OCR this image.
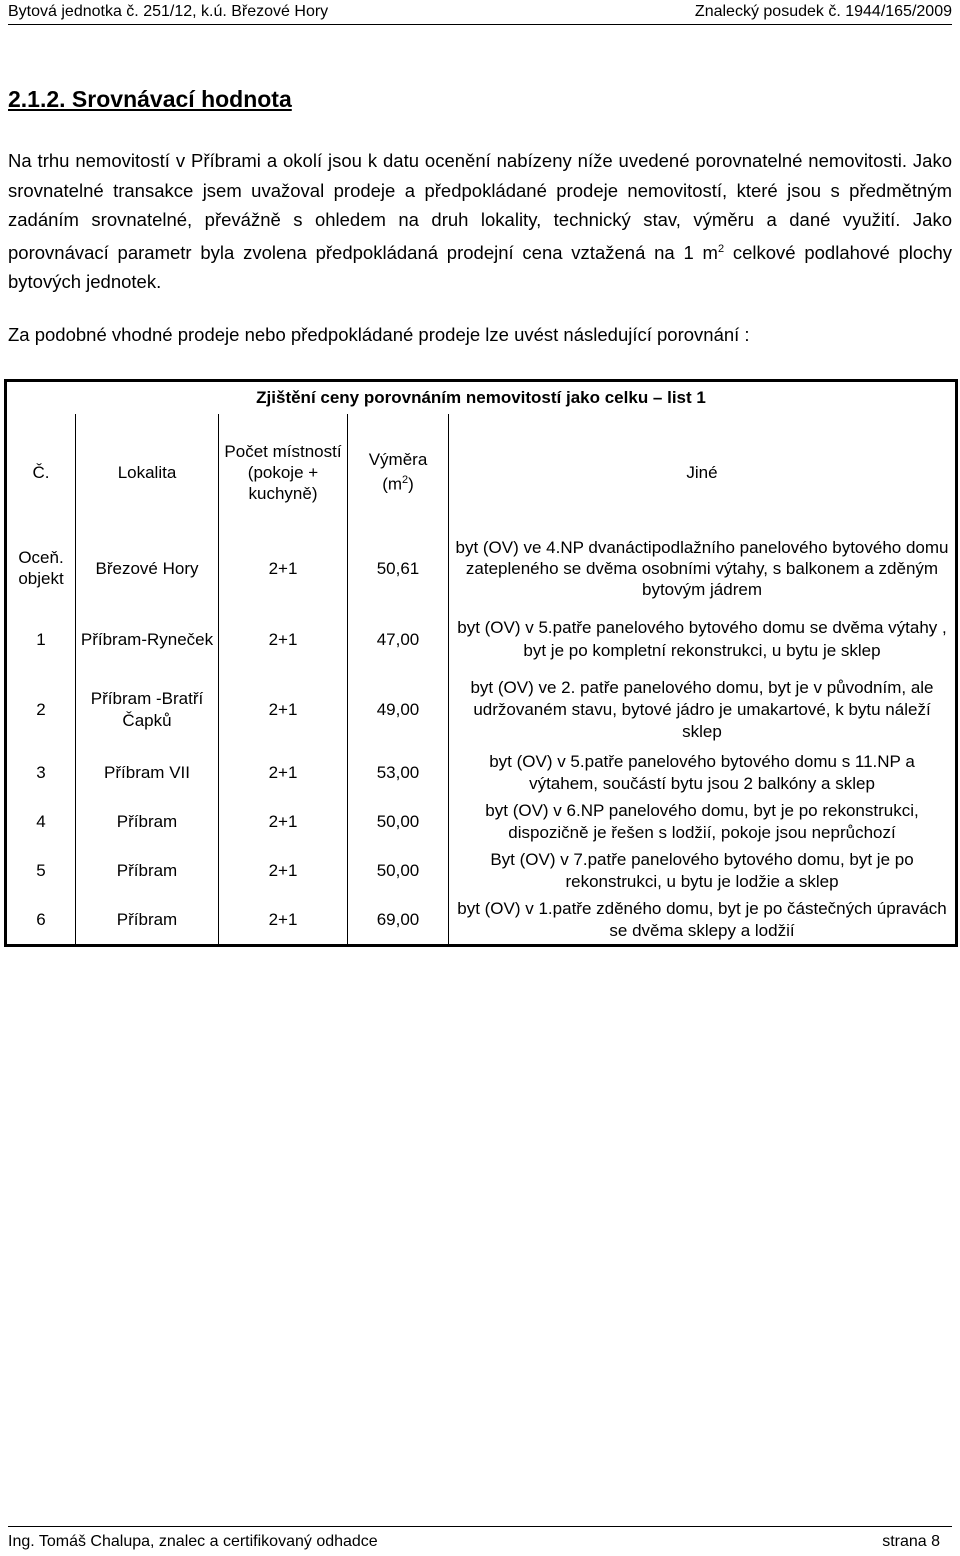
Bytová jednotka č. 251/12, k.ú. Březové Hory	Znalecký posudek č. 1944/165/2009
2.1.2. Srovnávací hodnota

Na trhu nemovitostí v Příbrami a okolí jsou k datu ocenění nabízeny níže uvedené porovnatelné nemovitosti. Jako srovnatelné transakce jsem uvažoval prodeje a předpokládané prodeje nemovitostí, které jsou s předmětným zadáním srovnatelné, převážně s ohledem na druh lokality, technický stav, výměru a dané využití. Jako porovnávací parametr byla zvolena předpokládaná prodejní cena vztažená na 1 $m^2$ celkové podlahové plochy bytových jednotek.

Za podobné vhodné prodeje nebo předpokládané prodeje lze uvést následující porovnání :

Zjištění ceny porovnáním nemovitostí jako celku – list 1				
Č.	Lokalita	Počet místností (pokoje + kuchyně)	Výměra $(m^2)$	Jiné
Oceň. objekt	Březové Hory	2+1	50,61	byt (OV) ve 4.NP dvanáctipodlažního panelového bytového domu zatepleného se dvěma osobními výtahy, s balkonem a zděným bytovým jádrem
1	Příbram-Ryneček	2+1	47,00	byt (OV) v 5.patře panelového bytového domu se dvěma výtahy , byt je po kompletní rekonstrukci, u bytu je sklep
2	Příbram -Bratří Čapků	2+1	49,00	byt (OV) ve 2. patře panelového domu, byt je v původním, ale udržovaném stavu, bytové jádro je umakartové, k bytu náleží sklep
3	Příbram VII	2+1	53,00	byt (OV) v 5.patře panelového bytového domu s 11.NP a výtahem, součástí bytu jsou 2 balkóny a sklep
4	Příbram	2+1	50,00	byt (OV) v 6.NP panelového domu, byt je po rekonstrukci, dispozičně je řešen s lodžií, pokoje jsou neprůchozí
5	Příbram	2+1	50,00	Byt (OV) v 7.patře panelového bytového domu, byt je po rekonstrukci, u bytu je lodžie a sklep
6	Příbram	2+1	69,00	byt (OV) v 1.patře zděného domu, byt je po částečných úpravách se dvěma sklepy a lodžií
Ing. Tomáš Chalupa, znalec a certifikovaný odhadce	strana 8
